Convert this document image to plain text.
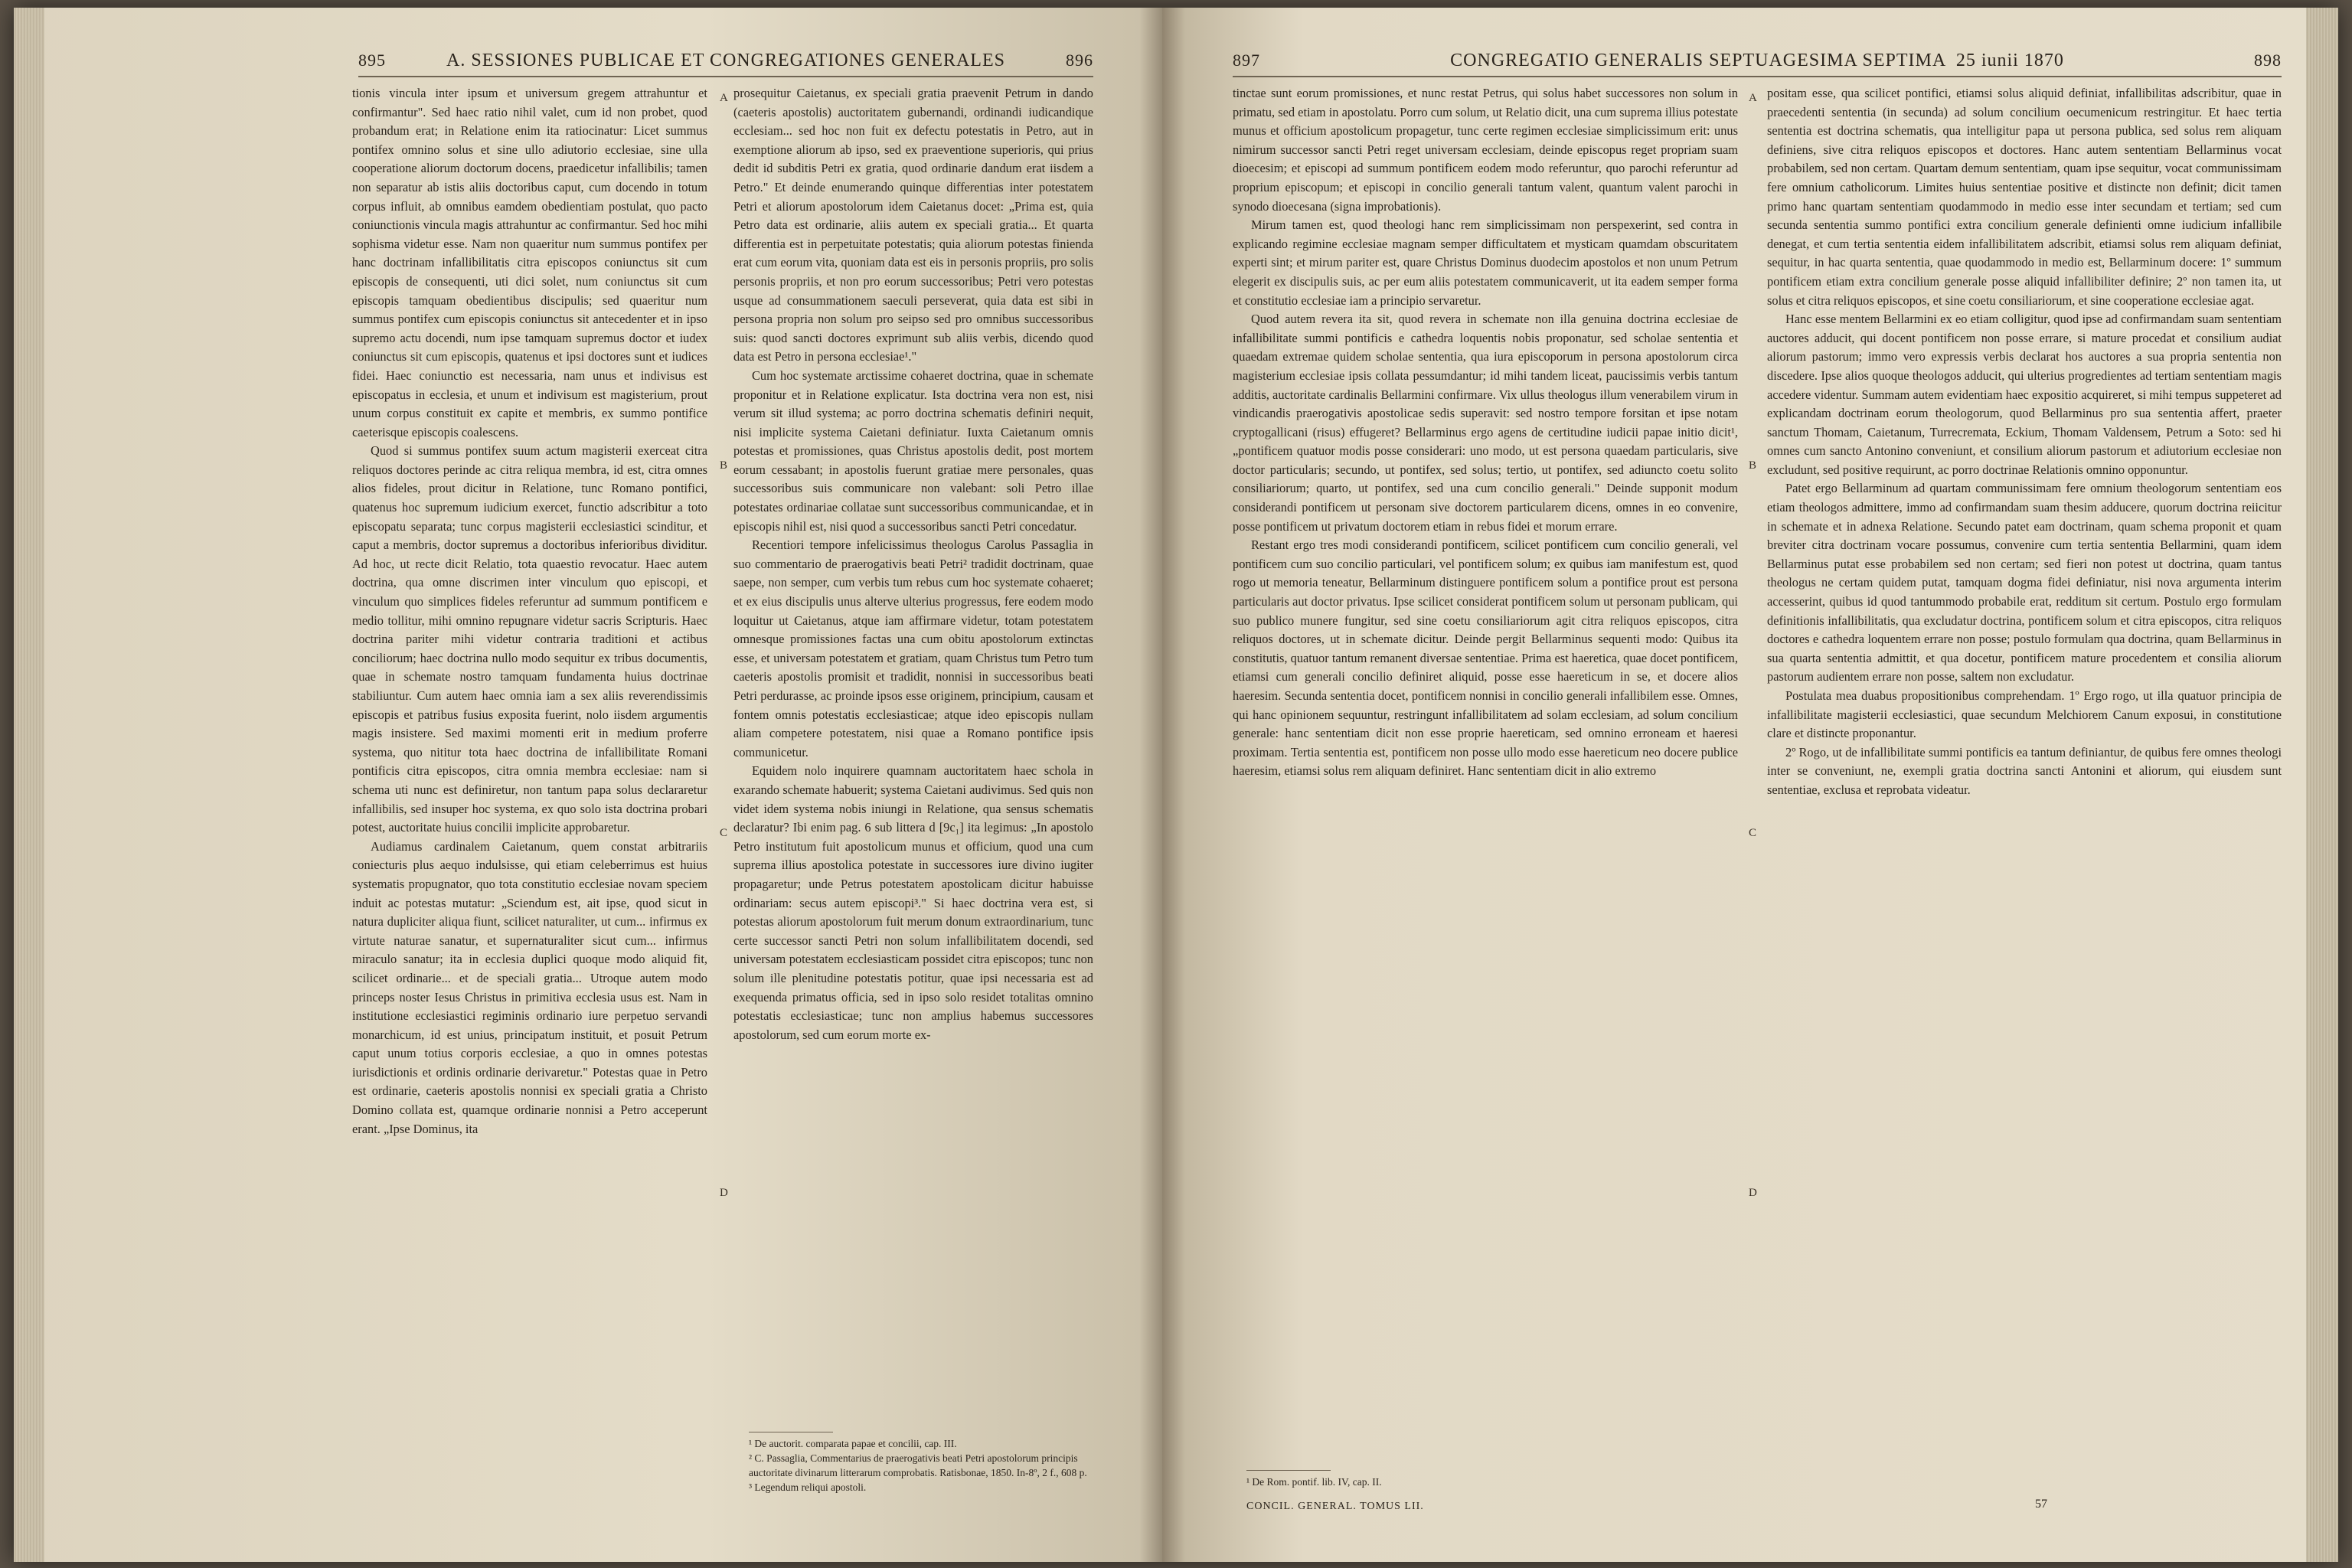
895	A. SESSIONES PUBLICAE ET CONGREGATIONES GENERALES	896

tionis vincula inter ipsum et universum gregem attrahuntur et confirmantur". Sed haec ratio nihil valet, cum id non probet, quod probandum erat; in Relatione enim ita ratiocinatur: Licet summus pontifex omnino solus et sine ullo adiutorio ecclesiae, sine ulla cooperatione aliorum doctorum docens, praedicetur infallibilis; tamen non separatur ab istis aliis doctoribus caput, cum docendo in totum corpus influit, ab omnibus eamdem obedientiam postulat, quo pacto coniunctionis vincula magis attrahuntur ac confirmantur. Sed hoc mihi sophisma videtur esse. Nam non quaeritur num summus pontifex per hanc doctrinam infallibilitatis citra episcopos coniunctus sit cum episcopis de consequenti, uti dici solet, num coniunctus sit cum episcopis tamquam obedientibus discipulis; sed quaeritur num summus pontifex cum episcopis coniunctus sit antecedenter et in ipso supremo actu docendi, num ipse tamquam supremus doctor et iudex coniunctus sit cum episcopis, quatenus et ipsi doctores sunt et iudices fidei. Haec coniunctio est necessaria, nam unus et indivisus est episcopatus in ecclesia, et unum et indivisum est magisterium, prout unum corpus constituit ex capite et membris, ex summo pontifice caeterisque episcopis coalescens.

Quod si summus pontifex suum actum magisterii exerceat citra reliquos doctores perinde ac citra reliqua membra, id est, citra omnes alios fideles, prout dicitur in Relatione, tunc Romano pontifici, quatenus hoc supremum iudicium exercet, functio adscribitur a toto episcopatu separata; tunc corpus magisterii ecclesiastici scinditur, et caput a membris, doctor supremus a doctoribus inferioribus dividitur. Ad hoc, ut recte dicit Relatio, tota quaestio revocatur. Haec autem doctrina, qua omne discrimen inter vinculum quo episcopi, et vinculum quo simplices fideles referuntur ad summum pontificem e medio tollitur, mihi omnino repugnare videtur sacris Scripturis. Haec doctrina pariter mihi videtur contraria traditioni et actibus conciliorum; haec doctrina nullo modo sequitur ex tribus documentis, quae in schemate nostro tamquam fundamenta huius doctrinae stabiliuntur. Cum autem haec omnia iam a sex aliis reverendissimis episcopis et patribus fusius exposita fuerint, nolo iisdem argumentis magis insistere. Sed maximi momenti erit in medium proferre systema, quo nititur tota haec doctrina de infallibilitate Romani pontificis citra episcopos, citra omnia membra ecclesiae: nam si schema uti nunc est definiretur, non tantum papa solus declararetur infallibilis, sed insuper hoc systema, ex quo solo ista doctrina probari potest, auctoritate huius concilii implicite approbaretur.

Audiamus cardinalem Caietanum, quem constat arbitrariis coniecturis plus aequo indulsisse, qui etiam celeberrimus est huius systematis propugnator, quo tota constitutio ecclesiae novam speciem induit ac potestas mutatur: „Sciendum est, ait ipse, quod sicut in natura dupliciter aliqua fiunt, scilicet naturaliter, ut cum... infirmus ex virtute naturae sanatur, et supernaturaliter sicut cum... infirmus miraculo sanatur; ita in ecclesia duplici quoque modo aliquid fit, scilicet ordinarie... et de speciali gratia... Utroque autem modo princeps noster Iesus Christus in primitiva ecclesia usus est. Nam in institutione ecclesiastici regiminis ordinario iure perpetuo servandi monarchicum, id est unius, principatum instituit, et posuit Petrum caput unum totius corporis ecclesiae, a quo in omnes potestas iurisdictionis et ordinis ordinarie derivaretur." Potestas quae in Petro est ordinarie, caeteris apostolis nonnisi ex speciali gratia a Christo Domino collata est, quamque ordinarie nonnisi a Petro acceperunt erant. „Ipse Dominus, ita

prosequitur Caietanus, ex speciali gratia praevenit Petrum in dando (caeteris apostolis) auctoritatem gubernandi, ordinandi iudicandique ecclesiam... sed hoc non fuit ex defectu potestatis in Petro, aut in exemptione aliorum ab ipso, sed ex praeventione superioris, qui prius dedit id subditis Petri ex gratia, quod ordinarie dandum erat iisdem a Petro." Et deinde enumerando quinque differentias inter potestatem Petri et aliorum apostolorum idem Caietanus docet: „Prima est, quia Petro data est ordinarie, aliis autem ex speciali gratia... Et quarta differentia est in perpetuitate potestatis; quia aliorum potestas finienda erat cum eorum vita, quoniam data est eis in personis propriis, pro solis personis propriis, et non pro eorum successoribus; Petri vero potestas usque ad consummationem saeculi perseverat, quia data est sibi in persona propria non solum pro seipso sed pro omnibus successoribus suis: quod sancti doctores exprimunt sub aliis verbis, dicendo quod data est Petro in persona ecclesiae¹."

Cum hoc systemate arctissime cohaeret doctrina, quae in schemate proponitur et in Relatione explicatur. Ista doctrina vera non est, nisi verum sit illud systema; ac porro doctrina schematis definiri nequit, nisi implicite systema Caietani definiatur. Iuxta Caietanum omnis potestas et promissiones, quas Christus apostolis dedit, post mortem eorum cessabant; in apostolis fuerunt gratiae mere personales, quas successoribus suis communicare non valebant: soli Petro illae potestates ordinariae collatae sunt successoribus communicandae, et in episcopis nihil est, nisi quod a successoribus sancti Petri concedatur.

Recentiori tempore infelicissimus theologus Carolus Passaglia in suo commentario de praerogativis beati Petri² tradidit doctrinam, quae saepe, non semper, cum verbis tum rebus cum hoc systemate cohaeret; et ex eius discipulis unus alterve ulterius progressus, fere eodem modo loquitur ut Caietanus, atque iam affirmare videtur, totam potestatem omnesque promissiones factas una cum obitu apostolorum extinctas esse, et universam potestatem et gratiam, quam Christus tum Petro tum caeteris apostolis promisit et tradidit, nonnisi in successoribus beati Petri perdurasse, ac proinde ipsos esse originem, principium, causam et fontem omnis potestatis ecclesiasticae; atque ideo episcopis nullam aliam competere potestatem, nisi quae a Romano pontifice ipsis communicetur.

Equidem nolo inquirere quamnam auctoritatem haec schola in exarando schemate habuerit; systema Caietani audivimus. Sed quis non videt idem systema nobis iniungi in Relatione, qua sensus schematis declaratur? Ibi enim pag. 6 sub littera d [9c₁] ita legimus: „In apostolo Petro institutum fuit apostolicum munus et officium, quod una cum suprema illius apostolica potestate in successores iure divino iugiter propagaretur; unde Petrus potestatem apostolicam dicitur habuisse ordinariam: secus autem episcopi³." Si haec doctrina vera est, si potestas aliorum apostolorum fuit merum donum extraordinarium, tunc certe successor sancti Petri non solum infallibilitatem docendi, sed universam potestatem ecclesiasticam possidet citra episcopos; tunc non solum ille plenitudine potestatis potitur, quae ipsi necessaria est ad exequenda primatus officia, sed in ipso solo residet totalitas omnino potestatis ecclesiasticae; tunc non amplius habemus successores apostolorum, sed cum eorum morte ex-

A
B
C
D
¹ De auctorit. comparata papae et concilii, cap. III.
² C. Passaglia, Commentarius de praerogativis beati Petri apostolorum principis auctoritate divinarum litterarum comprobatis. Ratisbonae, 1850. In-8º, 2 f., 608 p.
³ Legendum reliqui apostoli.
897	CONGREGATIO GENERALIS SEPTUAGESIMA SEPTIMA 25 iunii 1870	898

tinctae sunt eorum promissiones, et nunc restat Petrus, qui solus habet successores non solum in primatu, sed etiam in apostolatu. Porro cum solum, ut Relatio dicit, una cum suprema illius potestate munus et officium apostolicum propagetur, tunc certe regimen ecclesiae simplicissimum erit: unus nimirum successor sancti Petri reget universam ecclesiam, deinde episcopus reget propriam suam dioecesim; et episcopi ad summum pontificem eodem modo referuntur, quo parochi referuntur ad proprium episcopum; et episcopi in concilio generali tantum valent, quantum valent parochi in synodo dioecesana (signa improbationis).

Mirum tamen est, quod theologi hanc rem simplicissimam non perspexerint, sed contra in explicando regimine ecclesiae magnam semper difficultatem et mysticam quamdam obscuritatem experti sint; et mirum pariter est, quare Christus Dominus duodecim apostolos et non unum Petrum elegerit ex discipulis suis, ac per eum aliis potestatem communicaverit, ut ita eadem semper forma et constitutio ecclesiae iam a principio servaretur.

Quod autem revera ita sit, quod revera in schemate non illa genuina doctrina ecclesiae de infallibilitate summi pontificis e cathedra loquentis nobis proponatur, sed scholae sententia et quaedam extremae quidem scholae sententia, qua iura episcoporum in persona apostolorum circa magisterium ecclesiae ipsis collata pessumdantur; id mihi tandem liceat, paucissimis verbis tantum additis, auctoritate cardinalis Bellarmini confirmare. Vix ullus theologus illum venerabilem virum in vindicandis praerogativis apostolicae sedis superavit: sed nostro tempore forsitan et ipse notam cryptogallicani (risus) effugeret? Bellarminus ergo agens de certitudine iudicii papae initio dicit¹, „pontificem quatuor modis posse considerari: uno modo, ut est persona quaedam particularis, sive doctor particularis; secundo, ut pontifex, sed solus; tertio, ut pontifex, sed adiuncto coetu solito consiliariorum; quarto, ut pontifex, sed una cum concilio generali." Deinde supponit modum considerandi pontificem ut personam sive doctorem particularem dicens, omnes in eo convenire, posse pontificem ut privatum doctorem etiam in rebus fidei et morum errare.

Restant ergo tres modi considerandi pontificem, scilicet pontificem cum concilio generali, vel pontificem cum suo concilio particulari, vel pontificem solum; ex quibus iam manifestum est, quod rogo ut memoria teneatur, Bellarminum distinguere pontificem solum a pontifice prout est persona particularis aut doctor privatus. Ipse scilicet considerat pontificem solum ut personam publicam, qui suo publico munere fungitur, sed sine coetu consiliariorum agit citra reliquos episcopos, citra reliquos doctores, ut in schemate dicitur. Deinde pergit Bellarminus sequenti modo: Quibus ita constitutis, quatuor tantum remanent diversae sententiae. Prima est haeretica, quae docet pontificem, etiamsi cum generali concilio definiret aliquid, posse esse haereticum in se, et docere alios haeresim. Secunda sententia docet, pontificem nonnisi in concilio generali infallibilem esse. Omnes, qui hanc opinionem sequuntur, restringunt infallibilitatem ad solam ecclesiam, ad solum concilium generale: hanc sententiam dicit non esse proprie haereticam, sed omnino erroneam et haeresi proximam. Tertia sententia est, pontificem non posse ullo modo esse haereticum neo docere publice haeresim, etiamsi solus rem aliquam definiret. Hanc sententiam dicit in alio extremo

positam esse, qua scilicet pontifici, etiamsi solus aliquid definiat, infallibilitas adscribitur, quae in praecedenti sententia (in secunda) ad solum concilium oecumenicum restringitur. Et haec tertia sententia est doctrina schematis, qua intelligitur papa ut persona publica, sed solus rem aliquam definiens, sive citra reliquos episcopos et doctores. Hanc autem sententiam Bellarminus vocat probabilem, sed non certam. Quartam demum sententiam, quam ipse sequitur, vocat communissimam fere omnium catholicorum. Limites huius sententiae positive et distincte non definit; dicit tamen primo hanc quartam sententiam quodammodo in medio esse inter secundam et tertiam; sed cum secunda sententia summo pontifici extra concilium generale definienti omne iudicium infallibile denegat, et cum tertia sententia eidem infallibilitatem adscribit, etiamsi solus rem aliquam definiat, sequitur, in hac quarta sententia, quae quodammodo in medio est, Bellarminum docere: 1º summum pontificem etiam extra concilium generale posse aliquid infallibiliter definire; 2º non tamen ita, ut solus et citra reliquos episcopos, et sine coetu consiliariorum, et sine cooperatione ecclesiae agat.

Hanc esse mentem Bellarmini ex eo etiam colligitur, quod ipse ad confirmandam suam sententiam auctores adducit, qui docent pontificem non posse errare, si mature procedat et consilium audiat aliorum pastorum; immo vero expressis verbis declarat hos auctores a sua propria sententia non discedere. Ipse alios quoque theologos adducit, qui ulterius progredientes ad tertiam sententiam magis accedere videntur. Summam autem evidentiam haec expositio acquireret, si mihi tempus suppeteret ad explicandam doctrinam eorum theologorum, quod Bellarminus pro sua sententia affert, praeter sanctum Thomam, Caietanum, Turrecremata, Eckium, Thomam Valdensem, Petrum a Soto: sed hi omnes cum sancto Antonino conveniunt, et consilium aliorum pastorum et adiutorium ecclesiae non excludunt, sed positive requirunt, ac porro doctrinae Relationis omnino opponuntur.

Patet ergo Bellarminum ad quartam communissimam fere omnium theologorum sententiam eos etiam theologos admittere, immo ad confirmandam suam thesim adducere, quorum doctrina reiicitur in schemate et in adnexa Relatione. Secundo patet eam doctrinam, quam schema proponit et quam breviter citra doctrinam vocare possumus, convenire cum tertia sententia Bellarmini, quam idem Bellarminus putat esse probabilem sed non certam; sed fieri non potest ut doctrina, quam tantus theologus ne certam quidem putat, tamquam dogma fidei definiatur, nisi nova argumenta interim accesserint, quibus id quod tantummodo probabile erat, redditum sit certum. Postulo ergo formulam definitionis infallibilitatis, qua excludatur doctrina, pontificem solum et citra episcopos, citra reliquos doctores e cathedra loquentem errare non posse; postulo formulam qua doctrina, quam Bellarminus in sua quarta sententia admittit, et qua docetur, pontificem mature procedentem et consilia aliorum pastorum audientem errare non posse, saltem non excludatur.

Postulata mea duabus propositionibus comprehendam. 1º Ergo rogo, ut illa quatuor principia de infallibilitate magisterii ecclesiastici, quae secundum Melchiorem Canum exposui, in constitutione clare et distincte proponantur.

2º Rogo, ut de infallibilitate summi pontificis ea tantum definiantur, de quibus fere omnes theologi inter se conveniunt, ne, exempli gratia doctrina sancti Antonini et aliorum, qui eiusdem sunt sententiae, exclusa et reprobata videatur.

A
B
C
D
¹ De Rom. pontif. lib. IV, cap. II.
CONCIL. GENERAL. TOMUS LII.	57
